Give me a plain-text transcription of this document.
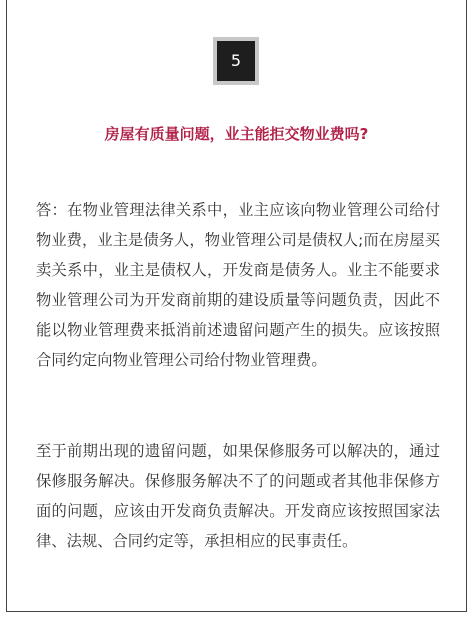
5
房屋有质量问题，业主能拒交物业费吗?

答：在物业管理法律关系中，业主应该向物业管理公司给付物业费，业主是债务人，物业管理公司是债权人;而在房屋买卖关系中，业主是债权人，开发商是债务人。业主不能要求物业管理公司为开发商前期的建设质量等问题负责，因此不能以物业管理费来抵消前述遗留问题产生的损失。应该按照合同约定向物业管理公司给付物业管理费。

至于前期出现的遗留问题，如果保修服务可以解决的，通过保修服务解决。保修服务解决不了的问题或者其他非保修方面的问题，应该由开发商负责解决。开发商应该按照国家法律、法规、合同约定等，承担相应的民事责任。
